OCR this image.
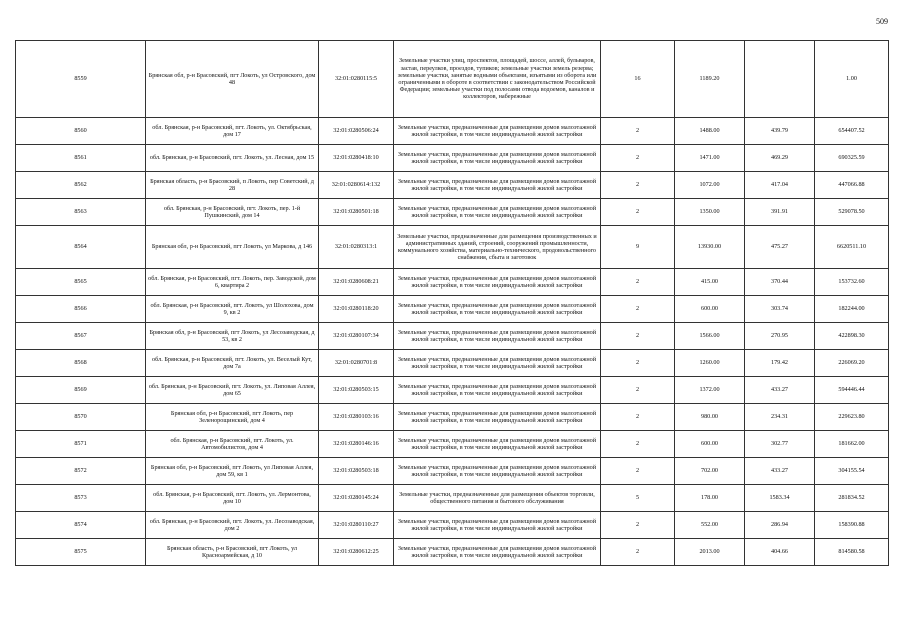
509
8559	Брянская обл, р-н Брасовский, пгт Локоть, ул Островского, дом 48	32:01:0280115:5	Земельные участки улиц, проспектов, площадей, шоссе, аллей, бульваров, застав, переулков, проездов, тупиков; земельные участки земель резерва; земельные участки, занятые водными объектами, изъятыми из оборота или ограниченными в обороте в соответствии с законодательством Российской Федерации; земельные участки под полосами отвода водоемов, каналов и коллекторов, набережные	16	1189.20		1.00
8560	обл. Брянская, р-н Брасовский, пгт. Локоть, ул. Октябрьская, дом 17	32:01:0280506:24	Земельные участки, предназначенные для размещения домов малоэтажной жилой застройки, в том числе индивидуальной жилой застройки	2	1488.00	439.79	654407.52
8561	обл. Брянская, р-н Брасовский, пгт. Локоть, ул. Лесная, дом 15	32:01:0280418:10	Земельные участки, предназначенные для размещения домов малоэтажной жилой застройки, в том числе индивидуальной жилой застройки	2	1471.00	469.29	690325.59
8562	Брянская область, р-н Брасовский, п Локоть, пер Советский, д 28	32:01:0280614:132	Земельные участки, предназначенные для размещения домов малоэтажной жилой застройки, в том числе индивидуальной жилой застройки	2	1072.00	417.04	447066.88
8563	обл. Брянская, р-н Брасовский, пгт. Локоть, пер. 1-й Пушкинский, дом 14	32:01:0280501:18	Земельные участки, предназначенные для размещения домов малоэтажной жилой застройки, в том числе индивидуальной жилой застройки	2	1350.00	391.91	529078.50
8564	Брянская обл, р-н Брасовский, пгт Локоть, ул Маркова, д 146	32:01:0280313:1	Земельные участки, предназначенные для размещения производственных и административных зданий, строений, сооружений промышленности, коммунального хозяйства, материально-технического, продовольственного снабжения, сбыта и заготовок	9	13930.00	475.27	6620511.10
8565	обл. Брянская, р-н Брасовский, пгт. Локоть, пер. Заводской, дом 6, квартира 2	32:01:0280608:21	Земельные участки, предназначенные для размещения домов малоэтажной жилой застройки, в том числе индивидуальной жилой застройки	2	415.00	370.44	153732.60
8566	обл. Брянская, р-н Брасовский, пгт. Локоть, ул Шолохова, дом 9, кв 2	32:01:0280118:20	Земельные участки, предназначенные для размещения домов малоэтажной жилой застройки, в том числе индивидуальной жилой застройки	2	600.00	303.74	182244.00
8567	Брянская обл, р-н Брасовский, пгт Локоть, ул Лесозаводская, д 53, кв 2	32:01:0280107:34	Земельные участки, предназначенные для размещения домов малоэтажной жилой застройки, в том числе индивидуальной жилой застройки	2	1566.00	270.95	422898.30
8568	обл. Брянская, р-н Брасовский, пгт. Локоть, ул. Веселый Кут, дом 7а	32:01:0280701:8	Земельные участки, предназначенные для размещения домов малоэтажной жилой застройки, в том числе индивидуальной жилой застройки	2	1260.00	179.42	226069.20
8569	обл. Брянская, р-н Брасовский, пгт. Локоть, ул. Липовая Аллея, дом 65	32:01:0280503:15	Земельные участки, предназначенные для размещения домов малоэтажной жилой застройки, в том числе индивидуальной жилой застройки	2	1372.00	433.27	594446.44
8570	Брянская обл, р-н Брасовский, пгт Локоть, пер Зеленорощинский, дом 4	32:01:0280103:16	Земельные участки, предназначенные для размещения домов малоэтажной жилой застройки, в том числе индивидуальной жилой застройки	2	980.00	234.31	229623.80
8571	обл. Брянская, р-н Брасовский, пгт. Локоть, ул. Автомобилистов, дом 4	32:01:0280146:16	Земельные участки, предназначенные для размещения домов малоэтажной жилой застройки, в том числе индивидуальной жилой застройки	2	600.00	302.77	181662.00
8572	Брянская обл, р-н Брасовский, пгт Локоть, ул Липовая Аллея, дом 59, кв 1	32:01:0280503:18	Земельные участки, предназначенные для размещения домов малоэтажной жилой застройки, в том числе индивидуальной жилой застройки	2	702.00	433.27	304155.54
8573	обл. Брянская, р-н Брасовский, пгт. Локоть, ул. Лермонтова, дом 10	32:01:0280145:24	Земельные участки, предназначенные для размещения объектов торговли, общественного питания и бытового обслуживания	5	178.00	1583.34	281834.52
8574	обл. Брянская, р-н Брасовский, пгт. Локоть, ул. Лесозаводская, дом 2	32:01:0280110:27	Земельные участки, предназначенные для размещения домов малоэтажной жилой застройки, в том числе индивидуальной жилой застройки	2	552.00	286.94	158390.88
8575	Брянская область, р-н Брасовский, пгт Локоть, ул Красноармейская, д 10	32:01:0280612:25	Земельные участки, предназначенные для размещения домов малоэтажной жилой застройки, в том числе индивидуальной жилой застройки	2	2013.00	404.66	814580.58
